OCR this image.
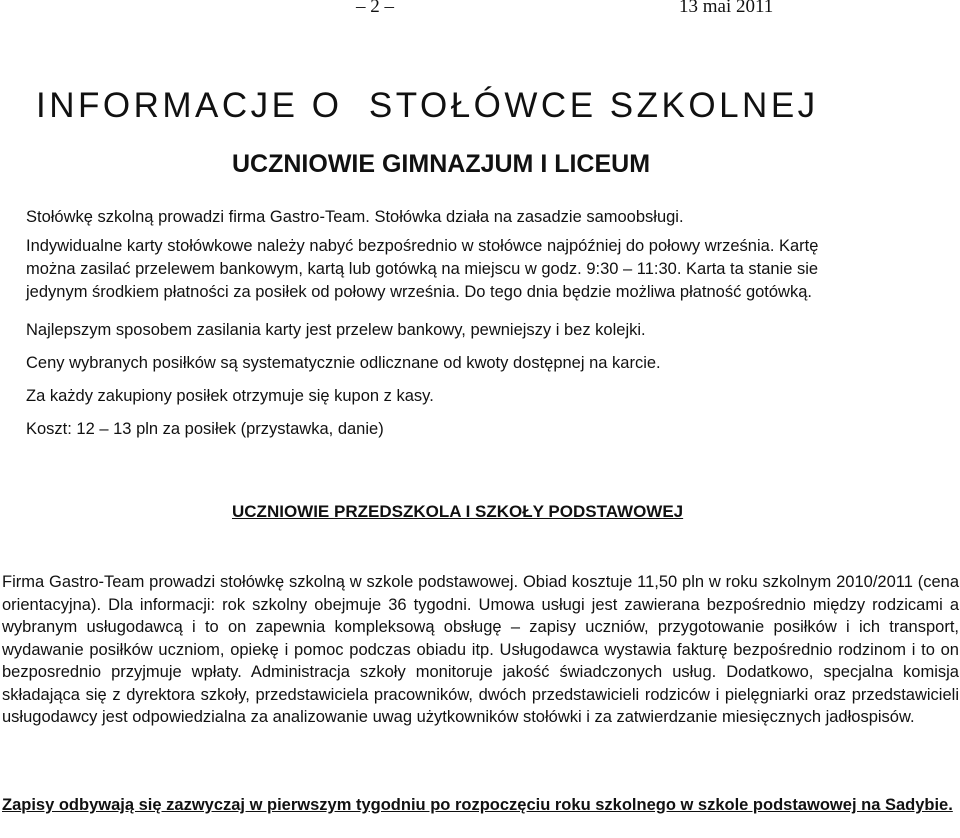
– 2 –	13 mai 2011
INFORMACJE O  STOŁÓWCE SZKOLNEJ
UCZNIOWIE GIMNAZJUM I LICEUM
Stołówkę szkolną prowadzi firma Gastro-Team. Stołówka działa na zasadzie samoobsługi.
Indywidualne karty stołówkowe należy nabyć bezpośrednio w stołówce najpóźniej do połowy września. Kartę
można zasilać przelewem bankowym, kartą lub gotówką na miejscu w godz. 9:30 – 11:30. Karta ta stanie sie
jedynym środkiem płatności za posiłek od połowy września. Do tego dnia będzie możliwa płatność gotówką.
Najlepszym sposobem zasilania karty jest przelew bankowy, pewniejszy i bez kolejki.
Ceny wybranych posiłków są systematycznie odlicznane od kwoty dostępnej na karcie.
Za każdy zakupiony posiłek otrzymuje się kupon z kasy.
Koszt: 12 – 13 pln za posiłek (przystawka, danie)
UCZNIOWIE PRZEDSZKOLA I SZKOŁY PODSTAWOWEJ

Firma Gastro-Team prowadzi stołówkę szkolną w szkole podstawowej. Obiad kosztuje 11,50 pln w roku szkolnym 2010/2011 (cena orientacyjna). Dla informacji: rok szkolny obejmuje 36 tygodni. Umowa usługi jest zawierana bezpośrednio między rodzicami a wybranym usługodawcą i to on zapewnia kompleksową obsługę – zapisy uczniów, przygotowanie posiłków i ich transport, wydawanie posiłków uczniom, opiekę i pomoc podczas obiadu itp. Usługodawca wystawia fakturę bezpośrednio rodzinom i to on bezposrednio przyjmuje wpłaty. Administracja szkoły monitoruje jakość świadczonych usług. Dodatkowo, specjalna komisja składająca się z dyrektora szkoły, przedstawiciela pracowników, dwóch przedstawicieli rodziców i pielęgniarki oraz przedstawicieli usługodawcy jest odpowiedzialna za analizowanie uwag użytkowników stołówki i za zatwierdzanie miesięcznych jadłospisów.

Zapisy odbywają się zazwyczaj w pierwszym tygodniu po rozpoczęciu roku szkolnego w szkole podstawowej na Sadybie.
